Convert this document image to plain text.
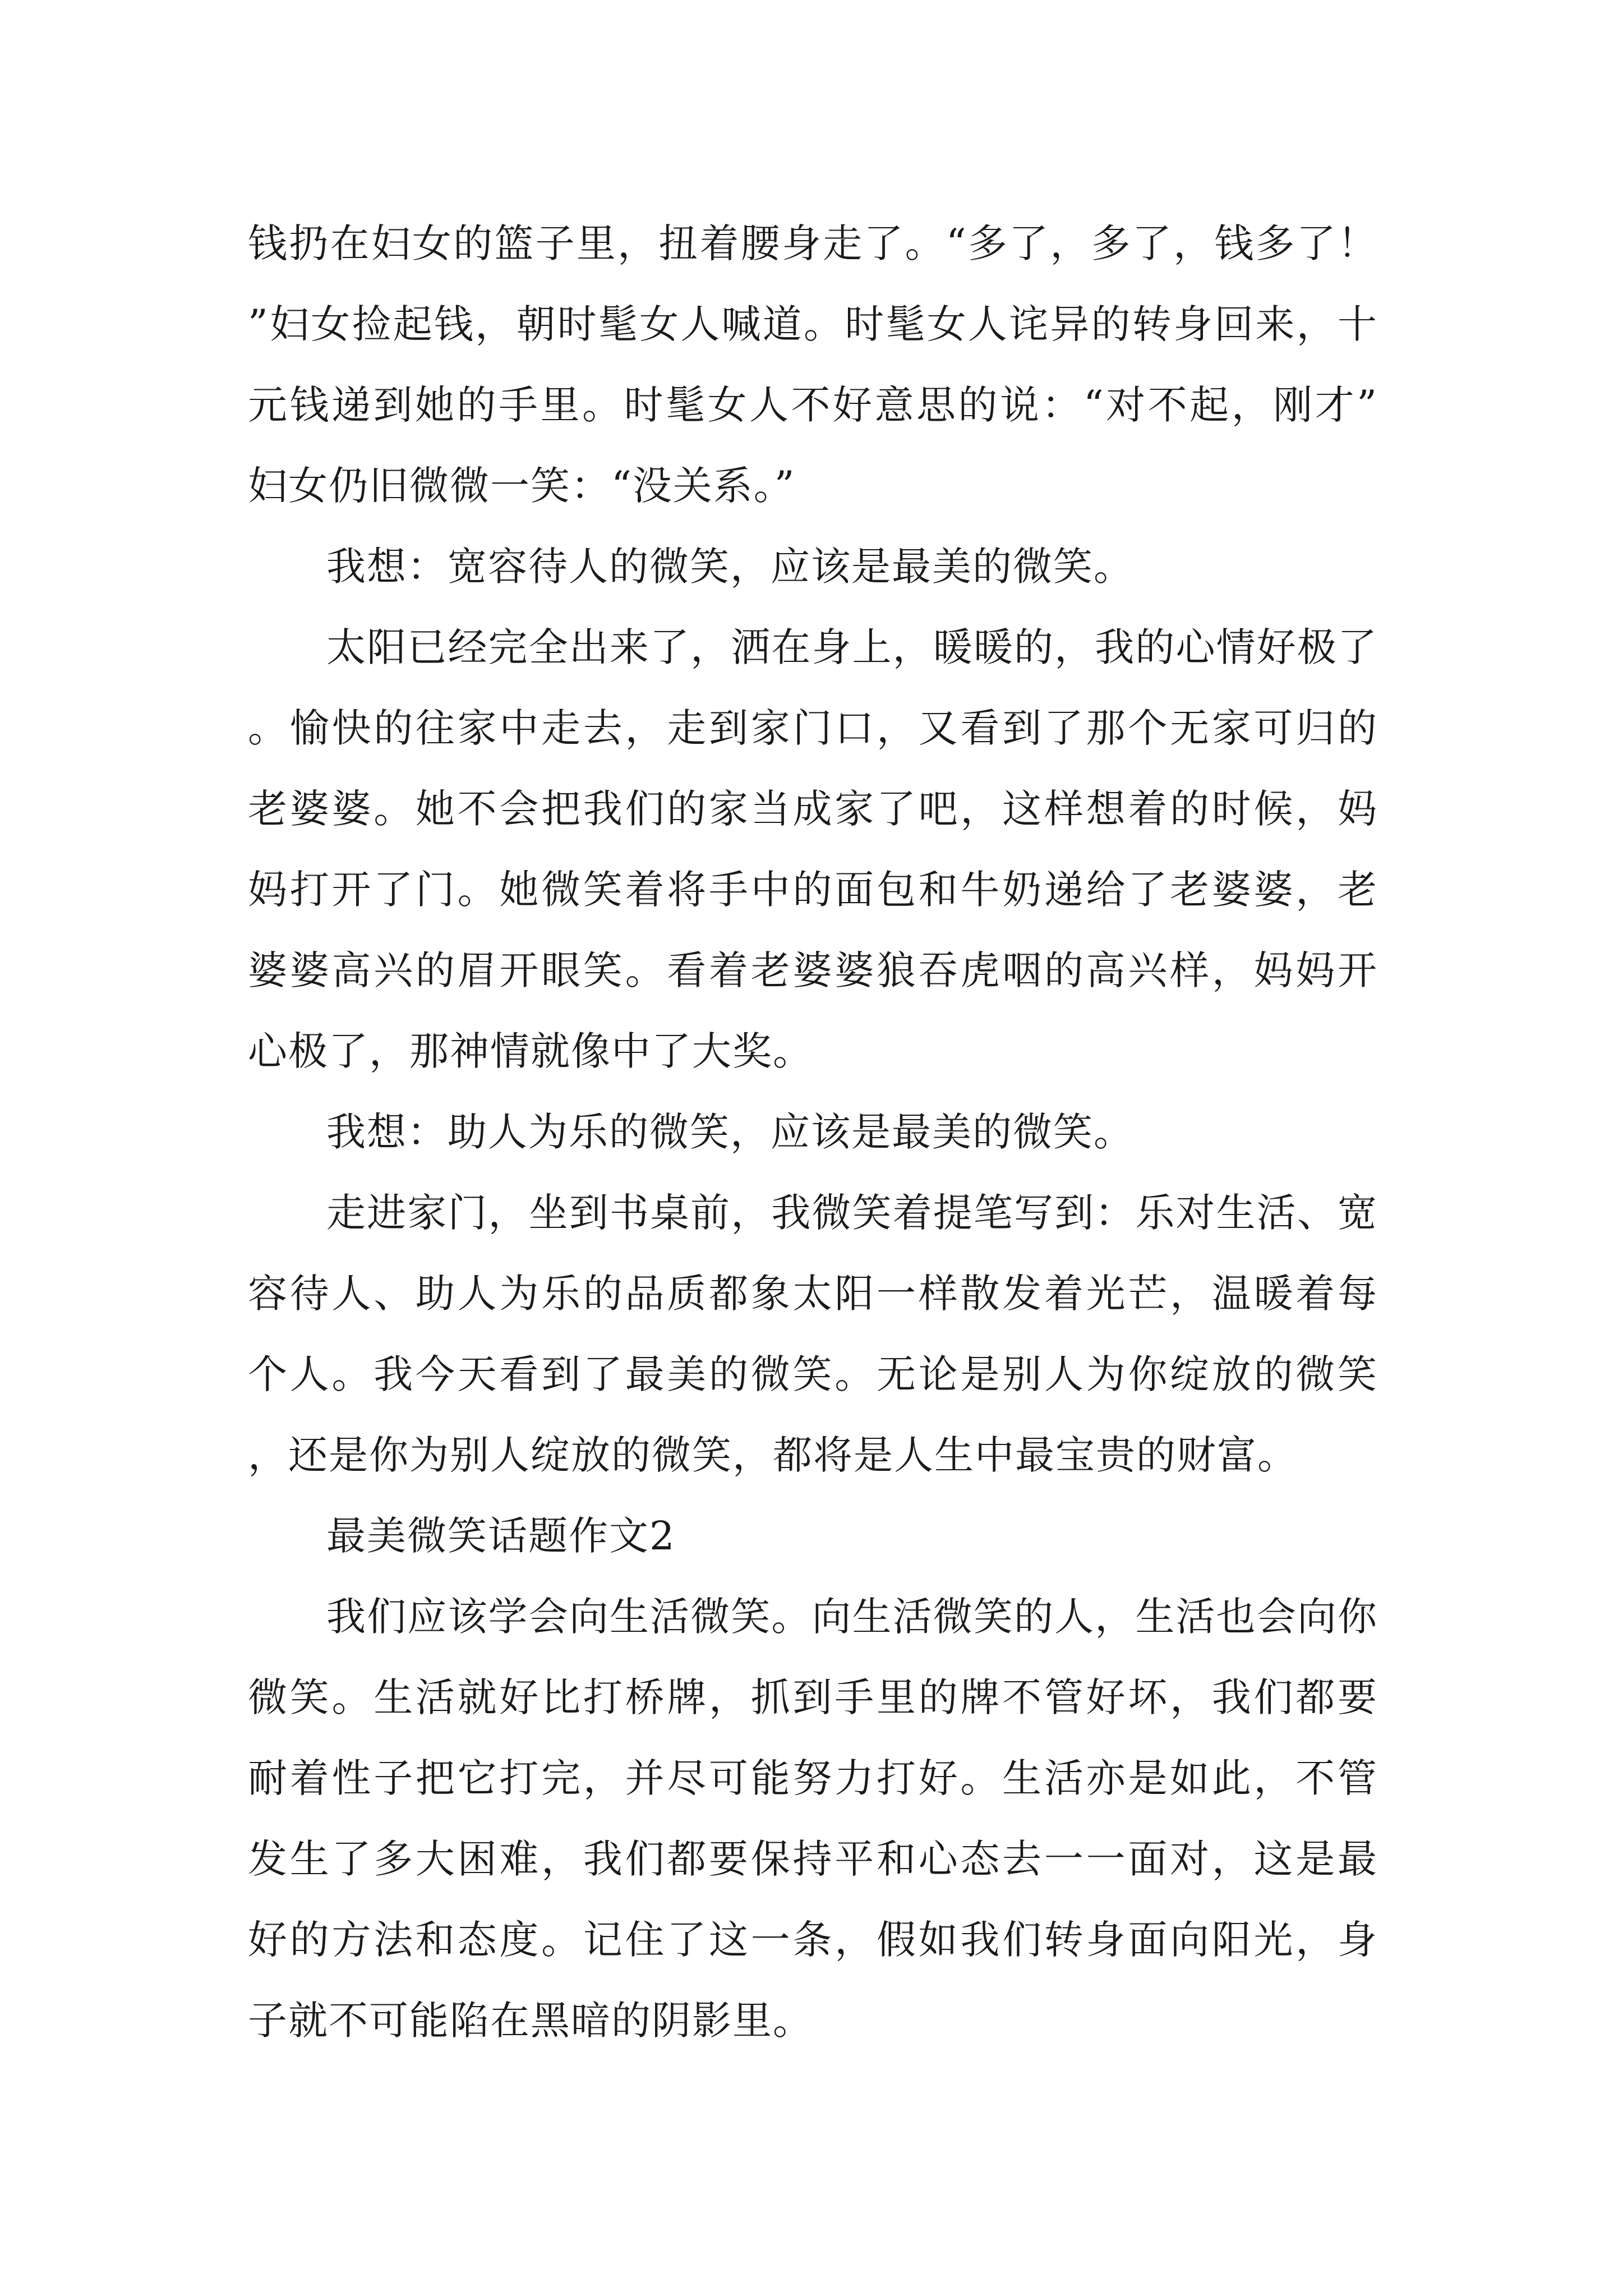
钱扔在妇女的篮子里，扭着腰身走了。“多了，多了，钱多了！”妇女捡起钱，朝时髦女人喊道。时髦女人诧异的转身回来，十元钱递到她的手里。时髦女人不好意思的说：“对不起，刚才”妇女仍旧微微一笑：“没关系。”

我想：宽容待人的微笑，应该是最美的微笑。

太阳已经完全出来了，洒在身上，暖暖的，我的心情好极了。愉快的往家中走去，走到家门口，又看到了那个无家可归的老婆婆。她不会把我们的家当成家了吧，这样想着的时候，妈妈打开了门。她微笑着将手中的面包和牛奶递给了老婆婆，老婆婆高兴的眉开眼笑。看着老婆婆狼吞虎咽的高兴样，妈妈开心极了，那神情就像中了大奖。

我想：助人为乐的微笑，应该是最美的微笑。

走进家门，坐到书桌前，我微笑着提笔写到：乐对生活、宽容待人、助人为乐的品质都象太阳一样散发着光芒，温暖着每个人。我今天看到了最美的微笑。无论是别人为你绽放的微笑，还是你为别人绽放的微笑，都将是人生中最宝贵的财富。

最美微笑话题作文2

我们应该学会向生活微笑。向生活微笑的人，生活也会向你微笑。生活就好比打桥牌，抓到手里的牌不管好坏，我们都要耐着性子把它打完，并尽可能努力打好。生活亦是如此，不管发生了多大困难，我们都要保持平和心态去一一面对，这是最好的方法和态度。记住了这一条，假如我们转身面向阳光，身子就不可能陷在黑暗的阴影里。
